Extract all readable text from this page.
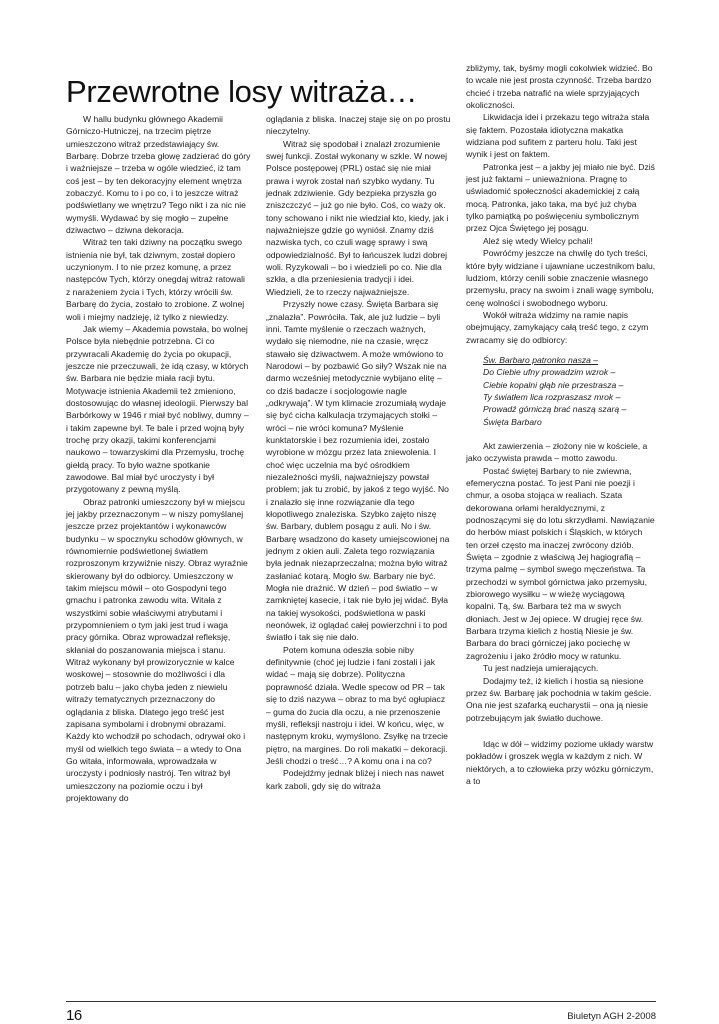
Przewrotne losy witraża…

W hallu budynku głównego Akademii Górniczo-Hutniczej, na trzecim piętrze umieszczono witraż przedstawiający św. Barbarę. Dobrze trzeba głowę zadzierać do góry i ważniejsze – trzeba w ogóle wiedzieć, iż tam coś jest – by ten dekoracyjny element wnętrza zobaczyć. Komu to i po co, i to jeszcze witraż podświetlany we wnętrzu? Tego nikt i za nic nie wymyśli. Wydawać by się mogło – zupełne dziwactwo – dziwna dekoracja.

Witraż ten taki dziwny na początku swego istnienia nie był, tak dziwnym, został dopiero uczynionym. I to nie przez komunę, a przez następców Tych, którzy onegdaj witraż ratowali z narażeniem życia i Tych, którzy wrócili św. Barbarę do życia, zostało to zrobione. Z wolnej woli i miejmy nadzieję, iż tylko z niewiedzy.

Jak wiemy – Akademia powstała, bo wolnej Polsce była niebędnie potrzebna. Ci co przywracali Akademię do życia po okupacji, jeszcze nie przeczuwali, że idą czasy, w których św. Barbara nie będzie miała racji bytu. Motywacje istnienia Akademii też zmieniono, dostosowując do własnej ideologii. Pierwszy bal Barbórkowy w 1946 r miał być nobliwy, dumny – i takim zapewne był. Te bale i przed wojną były trochę przy okazji, takimi konferencjami naukowo – towarzyskimi dla Przemysłu, trochę giełdą pracy. To było ważne spotkanie zawodowe. Bal miał być uroczysty i był przygotowany z pewną myślą.

Obraz patronki umieszczony był w miejscu jej jakby przeznaczonym – w niszy pomyślanej jeszcze przez projektantów i wykonawców budynku – w spocznyku schodów głównych, w równomiernie podświetlonej światłem rozproszonym krzywiźnie niszy. Obraz wyraźnie skierowany był do odbiorcy. Umieszczony w takim miejscu mówił – oto Gospodyni tego gmachu i patronka zawodu wita. Witała z wszystkimi sobie właściwymi atrybutami i przypomnieniem o tym jaki jest trud i waga pracy górnika. Obraz wprowadzał refleksję, skłaniał do poszanowania miejsca i stanu. Witraż wykonany był prowizorycznie w kalce woskowej – stosownie do możliwości i dla potrzeb balu – jako chyba jeden z niewielu witraży tematycznych przeznaczony do oglądania z bliska. Dlatego jego treść jest zapisana symbolami i drobnymi obrazami. Każdy kto wchodził po schodach, odrywał oko i myśl od wielkich tego świata – a wtedy to Ona Go witała, informowała, wprowadzała w uroczysty i podniosły nastrój. Ten witraż był umieszczony na poziomie oczu i był projektowany do

oglądania z bliska. Inaczej staje się on po prostu nieczytelny.

Witraż się spodobał i znalazł zrozumienie swej funkcji. Został wykonany w szkle. W nowej Polsce postępowej (PRL) ostać się nie miał prawa i wyrok został nań szybko wydany. Tu jednak zdziwienie. Gdy bezpieka przyszła go zniszczczyć – już go nie było. Coś, co waży ok. tony schowano i nikt nie wiedział kto, kiedy, jak i najważniejsze gdzie go wyniósł. Znamy dziś nazwiska tych, co czuli wagę sprawy i swą odpowiedzialność. Był to łańcuszek ludzi dobrej woli. Ryzykowali – bo i wiedzieli po co. Nie dla szkła, a dla przeniesienia tradycji i idei. Wiedzieli, że to rzeczy najważniejsze.

Przyszły nowe czasy. Święta Barbara się „znalazła”. Powróciła. Tak, ale już ludzie – byli inni. Tamte myślenie o rzeczach ważnych, wydało się niemodne, nie na czasie, wręcz stawało się dziwactwem. A może wmówiono to Narodowi – by pozbawić Go siły? Wszak nie na darmo wcześniej metodycznie wybijano elitę – co dziś badacze i socjologowie nagle „odkrywają”. W tym klimacie zrozumiałą wydaje się być cicha kalkulacja trzymających stołki – wróci – nie wróci komuna? Myślenie kunktatorskie i bez rozumienia idei, zostało wyrobione w mózgu przez lata zniewolenia. I choć więc uczelnia ma być ośrodkiem niezależności myśli, najważniejszy powstał problem; jak tu zrobić, by jakoś z tego wyjść. No i znalazło się inne rozwiązanie dla tego kłopotliwego znaleziska. Szybko zajęto niszę św. Barbary, dublem posągu z auli. No i św. Barbarę wsadzono do kasety umiejscowionej na jednym z okien auli. Zaleta tego rozwiązania była jednak niezaprzeczalna; można było witraż zasłaniać kotarą. Mogło św. Barbary nie być. Mogła nie drażnić. W dzień – pod światło – w zamkniętej kasecie, i tak nie było jej widać. Była na takiej wysokości, podświetlona w paski neonówek, iż oglądać całej powierzchni i to pod światło i tak się nie dało.

Potem komuna odeszła sobie niby definitywnie (choć jej ludzie i fani zostali i jak widać – mają się dobrze). Polityczna poprawność działa. Wedle specow od PR – tak się to dziś nazywa – obraz to ma być ogłupiacz – guma do żucia dla oczu, a nie przenoszenie myśli, refleksji nastroju i idei. W końcu, więc, w następnym kroku, wymyślono. Zsyłkę na trzecie piętro, na margines. Do roli makatki – dekoracji. Jeśli chodzi o treść…? A komu ona i na co?

Podejdźmy jednak bliżej i niech nas nawet kark zaboli, gdy się do witraża

zbliżymy, tak, byśmy mogli cokolwiek widzieć. Bo to wcale nie jest prosta czynność. Trzeba bardzo chcieć i trzeba natrafić na wiele sprzyjających okoliczności.

Likwidacja idei i przekazu tego witraża stała się faktem. Pozostała idiotyczna makatka widziana pod sufitem z parteru holu. Taki jest wynik i jest on faktem.

Patronka jest – a jakby jej miało nie być. Dziś jest już faktami – unieważniona. Pragnę to uświadomić społeczności akademickiej z całą mocą. Patronka, jako taka, ma być już chyba tylko pamiątką po poświęceniu symbolicznym przez Ojca Świętego jej posągu.

Aleź się wtedy Wielcy pchali!

Powróćmy jeszcze na chwilę do tych treści, które były widziane i ujawniane uczestnikom balu, ludziom, którzy cenili sobie znaczenie własnego przemysłu, pracy na swoim i znali wagę symbolu, cenę wolności i swobodnego wyboru.

Wokół witraża widzimy na ramie napis obejmujący, zamykający całą treść tego, z czym zwracamy się do odbiorcy:

Św. Barbaro patronko nasza –
Do Ciebie ufny prowadzim wzrok –
Ciebie kopalni głąb nie przestrasza –
Ty światłem lica rozpraszasz mrok –
Prowadź górniczą brać naszą szarą –
Święta Barbaro

Akt zawierzenia – złożony nie w kościele, a jako oczywista prawda – motto zawodu.

Postać świętej Barbary to nie zwiewna, efemeryczna postać. To jest Pani nie poezji i chmur, a osoba stojąca w realiach. Szata dekorowana orłami heraldycznymi, z podnoszącymi się do lotu skrzydłami. Nawiązanie do herbów miast polskich i Śląskich, w których ten orzeł często ma inaczej zwrócony dziób. Święta – zgodnie z właściwą Jej hagiografią – trzyma palmę – symbol swego męczeństwa. Ta przechodzi w symbol górnictwa jako przemysłu, zbiorowego wysiłku – w wieżę wyciągową kopalni. Tą, św. Barbara też ma w swych dłoniach. Jest w Jej opiece. W drugiej ręce św. Barbara trzyma kielich z hostią Niesie je św. Barbara do braci górniczej jako pociechę w zagrożeniu i jako źródło mocy w ratunku.

Tu jest nadzieja umierających.

Dodajmy też, iż kielich i hostia są niesione przez św. Barbarę jak pochodnia w takim geście. Ona nie jest szafarką eucharystii – ona ją niesie potrzebującym jak światło duchowe.

Idąc w dół – widzimy poziome układy warstw pokładów i groszek węgla w każdym z nich. W niektórych, a to człowieka przy wózku górniczym, a to

16	Biuletyn AGH 2-2008
